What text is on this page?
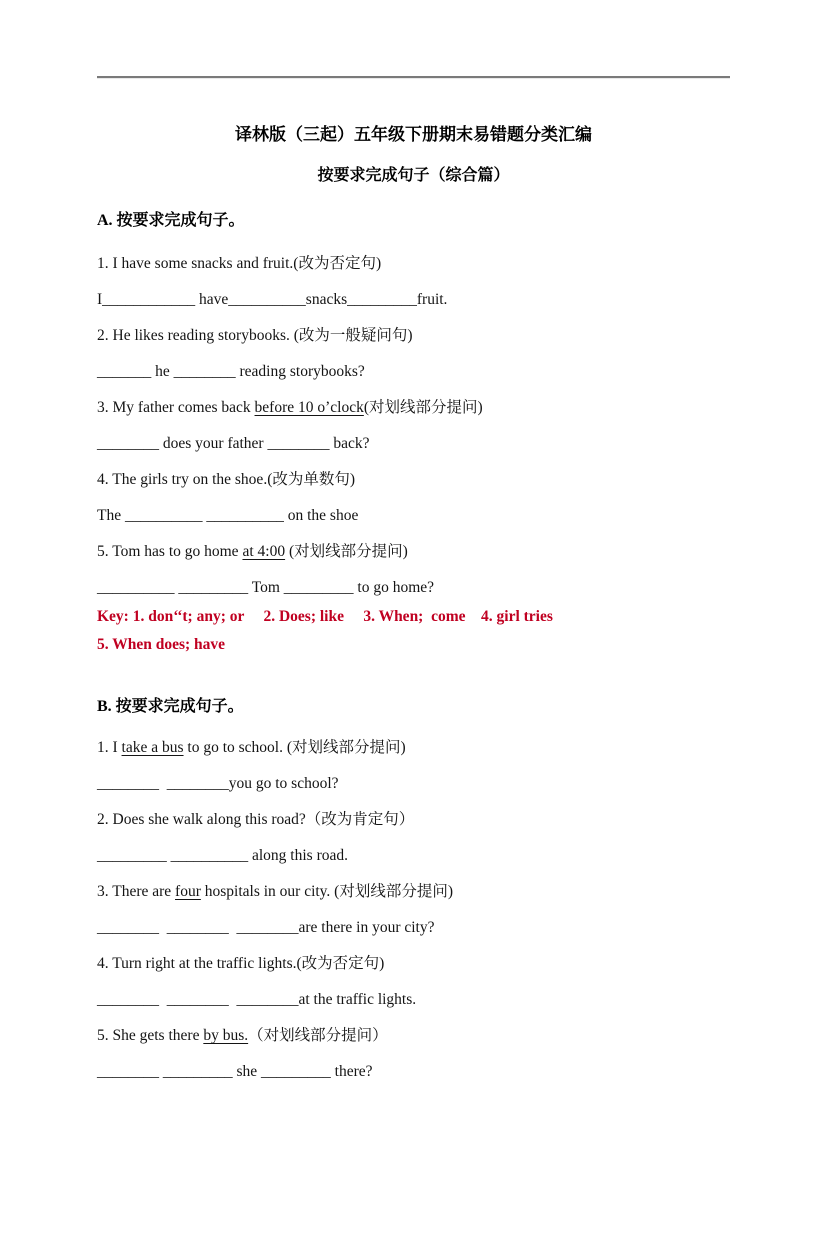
译林版（三起）五年级下册期末易错题分类汇编
按要求完成句子（综合篇）
A. 按要求完成句子。

1. I have some snacks and fruit.(改为否定句)

I____________ have__________snacks_________fruit.

2. He likes reading storybooks. (改为一般疑问句)

_______ he ________ reading storybooks?

3. My father comes back before 10 o’clock(对划线部分提问)

________ does your father ________ back?

4. The girls try on the shoe.(改为单数句)

The __________ __________ on the shoe

5. Tom has to go home at 4:00 (对划线部分提问)

__________ _________ Tom _________ to go home?

Key: 1. don‘‘t; any; or     2. Does; like     3. When;  come    4. girl tries

5. When does; have

B. 按要求完成句子。

1. I take a bus to go to school. (对划线部分提问)

________  ________you go to school?

2. Does she walk along this road?（改为肯定句）

_________ __________ along this road.

3. There are four hospitals in our city. (对划线部分提问)

________  ________  ________are there in your city?

4. Turn right at the traffic lights.(改为否定句)

________  ________  ________at the traffic lights.

5. She gets there by bus.（对划线部分提问）

________ _________ she _________ there?
